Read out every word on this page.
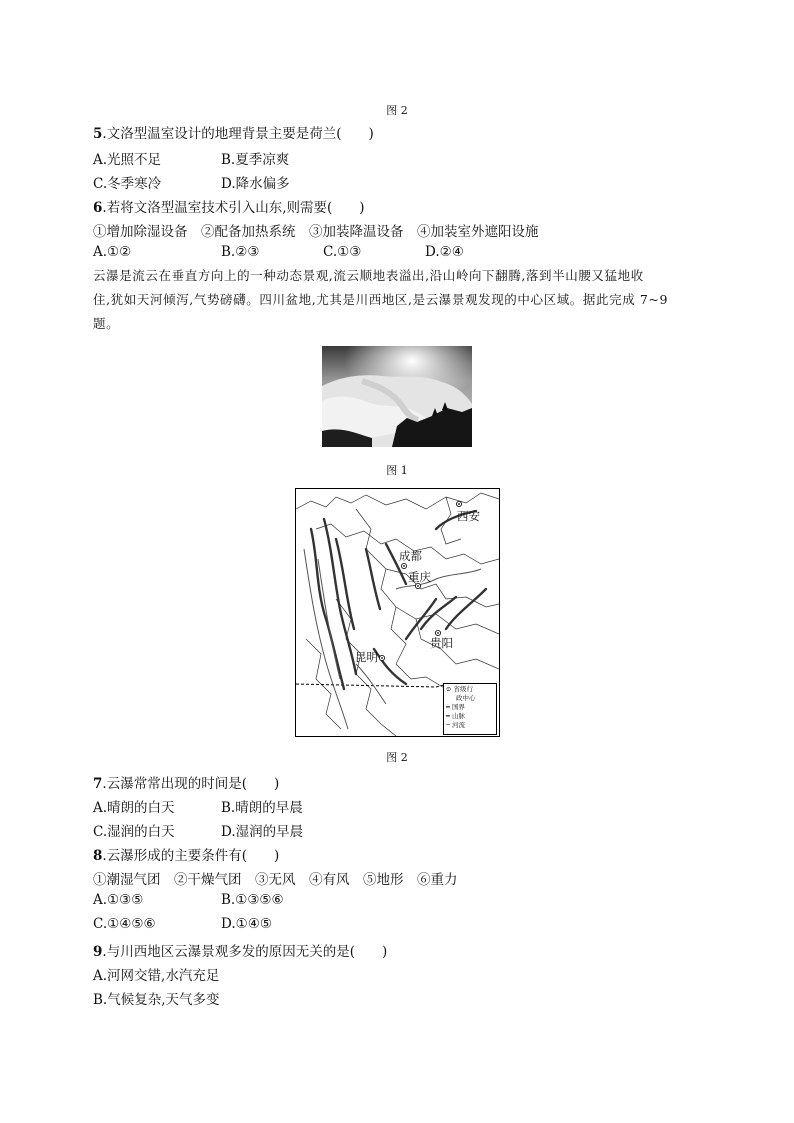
图 2
5.文洛型温室设计的地理背景主要是荷兰(　　)
A.光照不足	B.夏季凉爽
C.冬季寒冷	D.降水偏多
6.若将文洛型温室技术引入山东,则需要(　　)
①增加除湿设备　②配备加热系统　③加装降温设备　④加装室外遮阳设施
A.①②	B.②③	C.①③	D.②④
云瀑是流云在垂直方向上的一种动态景观,流云顺地表溢出,沿山岭向下翻腾,落到半山腰又猛地收
住,犹如天河倾泻,气势磅礴。四川盆地,尤其是川西地区,是云瀑景观发现的中心区域。据此完成 7~9
题。
图 1
西安
成都
重庆
贵阳
昆明
⊙ 省级行
政中心
━ 国界
━ 山脉
─ 河流
图 2
7.云瀑常常出现的时间是(　　)
A.晴朗的白天	B.晴朗的早晨
C.湿润的白天	D.湿润的早晨
8.云瀑形成的主要条件有(　　)
①潮湿气团　②干燥气团　③无风　④有风　⑤地形　⑥重力
A.①③⑤	B.①③⑤⑥
C.①④⑤⑥	D.①④⑤
9.与川西地区云瀑景观多发的原因无关的是(　　)
A.河网交错,水汽充足
B.气候复杂,天气多变
